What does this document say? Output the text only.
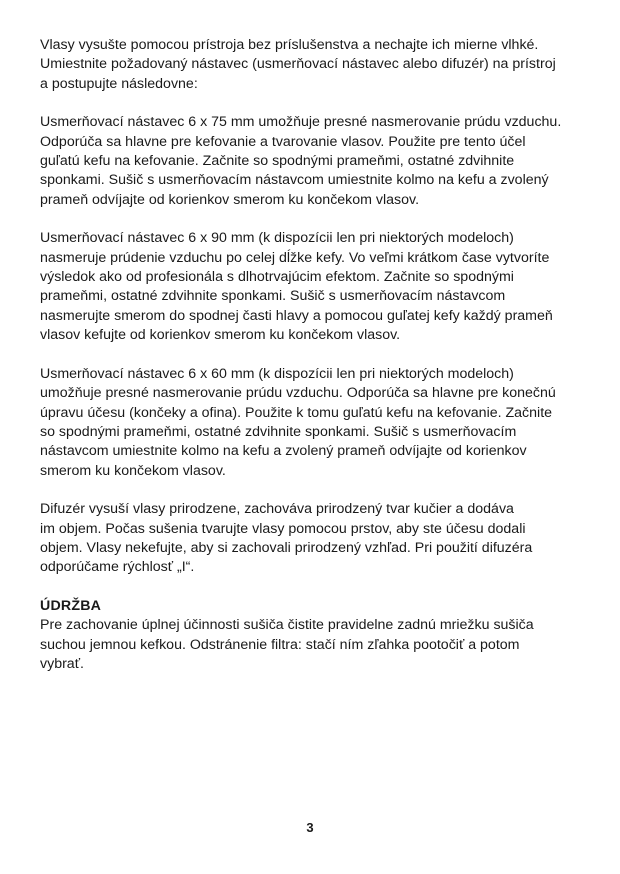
Vlasy vysušte pomocou prístroja bez príslušenstva a nechajte ich mierne vlhké.
Umiestnite požadovaný nástavec (usmerňovací nástavec alebo difuzér) na prístroj
a postupujte následovne:

Usmerňovací nástavec 6 x 75 mm umožňuje presné nasmerovanie prúdu vzduchu.
Odporúča sa hlavne pre kefovanie a tvarovanie vlasov. Použite pre tento účel
guľatú kefu na kefovanie. Začnite so spodnými prameňmi, ostatné zdvihnite
sponkami. Sušič s usmerňovacím nástavcom umiestnite kolmo na kefu a zvolený
prameň odvíjajte od korienkov smerom ku končekom vlasov.

Usmerňovací nástavec 6 x 90 mm (k dispozícii len pri niektorých modeloch)
nasmeruje prúdenie vzduchu po celej dĺžke kefy. Vo veľmi krátkom čase vytvoríte
výsledok ako od profesionála s dlhotrvajúcim efektom. Začnite so spodnými
prameňmi, ostatné zdvihnite sponkami. Sušič s usmerňovacím nástavcom
nasmerujte smerom do spodnej časti hlavy a pomocou guľatej kefy každý prameň
vlasov kefujte od korienkov smerom ku končekom vlasov.

Usmerňovací nástavec 6 x 60 mm (k dispozícii len pri niektorých modeloch)
umožňuje presné nasmerovanie prúdu vzduchu. Odporúča sa hlavne pre konečnú
úpravu účesu (končeky a ofina). Použite k tomu guľatú kefu na kefovanie. Začnite
so spodnými prameňmi, ostatné zdvihnite sponkami. Sušič s usmerňovacím
nástavcom umiestnite kolmo na kefu a zvolený prameň odvíjajte od korienkov
smerom ku končekom vlasov.

Difuzér vysuší vlasy prirodzene, zachováva prirodzený tvar kučier a dodáva
im objem. Počas sušenia tvarujte vlasy pomocou prstov, aby ste účesu dodali
objem. Vlasy nekefujte, aby si zachovali prirodzený vzhľad. Pri použití difuzéra
odporúčame rýchlosť „I“.

ÚDRŽBA
Pre zachovanie úplnej účinnosti sušiča čistite pravidelne zadnú mriežku sušiča
suchou jemnou kefkou. Odstránenie filtra: stačí ním zľahka pootočiť a potom
vybrať.

3
